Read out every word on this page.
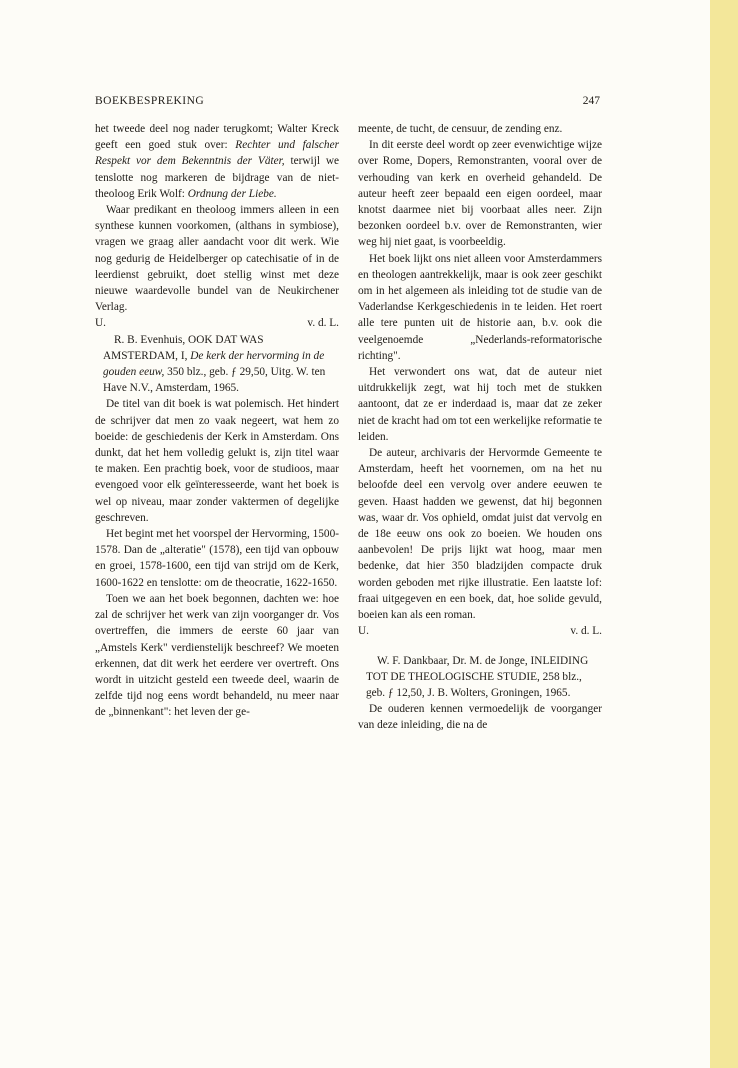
BOEKBESPREKING	247

het tweede deel nog nader terugkomt; Walter Kreck geeft een goed stuk over: Rechter und falscher Respekt vor dem Bekenntnis der Väter, terwijl we tenslotte nog markeren de bijdrage van de niet-theoloog Erik Wolf: Ordnung der Liebe.

Waar predikant en theoloog immers alleen in een synthese kunnen voorkomen, (althans in symbiose), vragen we graag aller aandacht voor dit werk. Wie nog gedurig de Heidelberger op catechisatie of in de leerdienst gebruikt, doet stellig winst met deze nieuwe waardevolle bundel van de Neukirchener Verlag.

U.	v. d. L.

R. B. Evenhuis, OOK DAT WAS AMSTERDAM, I, De kerk der hervorming in de gouden eeuw, 350 blz., geb. ƒ 29,50, Uitg. W. ten Have N.V., Amsterdam, 1965.

De titel van dit boek is wat polemisch. Het hindert de schrijver dat men zo vaak negeert, wat hem zo boeide: de geschiedenis der Kerk in Amsterdam. Ons dunkt, dat het hem volledig gelukt is, zijn titel waar te maken. Een prachtig boek, voor de studioos, maar evengoed voor elk geïnteresseerde, want het boek is wel op niveau, maar zonder vaktermen of degelijke geschreven.

Het begint met het voorspel der Hervorming, 1500-1578. Dan de „alteratie" (1578), een tijd van opbouw en groei, 1578-1600, een tijd van strijd om de Kerk, 1600-1622 en tenslotte: om de theocratie, 1622-1650.

Toen we aan het boek begonnen, dachten we: hoe zal de schrijver het werk van zijn voorganger dr. Vos overtreffen, die immers de eerste 60 jaar van „Amstels Kerk" verdienstelijk beschreef? We moeten erkennen, dat dit werk het eerdere ver overtreft. Ons wordt in uitzicht gesteld een tweede deel, waarin de zelfde tijd nog eens wordt behandeld, nu meer naar de „binnenkant": het leven der ge-

meente, de tucht, de censuur, de zending enz.

In dit eerste deel wordt op zeer evenwichtige wijze over Rome, Dopers, Remonstranten, vooral over de verhouding van kerk en overheid gehandeld. De auteur heeft zeer bepaald een eigen oordeel, maar knotst daarmee niet bij voorbaat alles neer. Zijn bezonken oordeel b.v. over de Remonstranten, wier weg hij niet gaat, is voorbeeldig.

Het boek lijkt ons niet alleen voor Amsterdammers en theologen aantrekkelijk, maar is ook zeer geschikt om in het algemeen als inleiding tot de studie van de Vaderlandse Kerkgeschiedenis in te leiden. Het roert alle tere punten uit de historie aan, b.v. ook die veelgenoemde „Nederlands-reformatorische richting".

Het verwondert ons wat, dat de auteur niet uitdrukkelijk zegt, wat hij toch met de stukken aantoont, dat ze er inderdaad is, maar dat ze zeker niet de kracht had om tot een werkelijke reformatie te leiden.

De auteur, archivaris der Hervormde Gemeente te Amsterdam, heeft het voornemen, om na het nu beloofde deel een vervolg over andere eeuwen te geven. Haast hadden we gewenst, dat hij begonnen was, waar dr. Vos ophield, omdat juist dat vervolg en de 18e eeuw ons ook zo boeien. We houden ons aanbevolen! De prijs lijkt wat hoog, maar men bedenke, dat hier 350 bladzijden compacte druk worden geboden met rijke illustratie. Een laatste lof: fraai uitgegeven en een boek, dat, hoe solide gevuld, boeien kan als een roman.

U.	v. d. L.

W. F. Dankbaar, Dr. M. de Jonge, INLEIDING TOT DE THEOLOGISCHE STUDIE, 258 blz., geb. ƒ 12,50, J. B. Wolters, Groningen, 1965.

De ouderen kennen vermoedelijk de voorganger van deze inleiding, die na de
